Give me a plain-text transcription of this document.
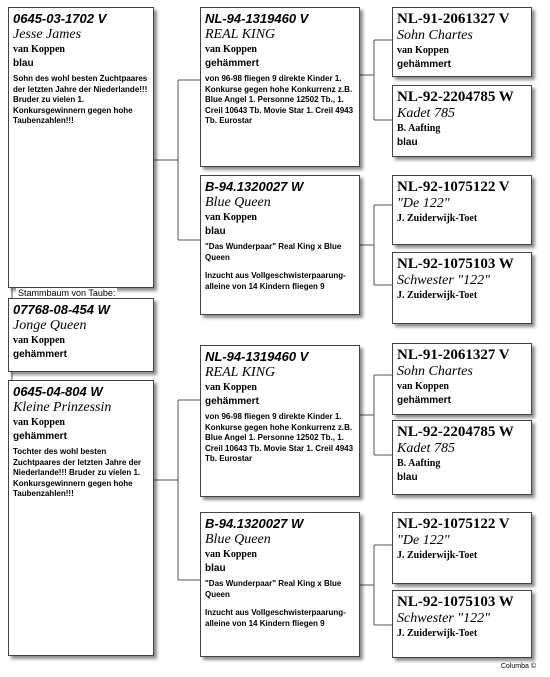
0645-03-1702 V
Jesse James
van Koppen
blau
Sohn des wohl besten Zuchtpaares der letzten Jahre der Niederlande!!! Bruder zu vielen 1. Konkursgewinnern gegen hohe Taubenzahlen!!!
Stammbaum von Taube:
07768-08-454 W
Jonge Queen
van Koppen
gehämmert
0645-04-804 W
Kleine Prinzessin
van Koppen
gehämmert
Tochter des wohl besten Zuchtpaares der letzten Jahre der Niederlande!!! Bruder zu vielen 1. Konkursgewinnern gegen hohe Taubenzahlen!!!
NL-94-1319460 V
REAL KING
van Koppen
gehämmert
von 96-98 fliegen 9 direkte Kinder 1. Konkurse gegen hohe Konkurrenz z.B. Blue Angel 1. Personne 12502 Tb., 1. Creil 10643 Tb. Movie Star 1. Creil 4943 Tb. Eurostar
B-94.1320027 W
Blue Queen
van Koppen
blau
"Das Wunderpaar" Real King x Blue Queen
Inzucht aus Vollgeschwisterpaarung-alleine von 14 Kindern fliegen 9
NL-94-1319460 V
REAL KING
van Koppen
gehämmert
von 96-98 fliegen 9 direkte Kinder 1. Konkurse gegen hohe Konkurrenz z.B. Blue Angel 1. Personne 12502 Tb., 1. Creil 10643 Tb. Movie Star 1. Creil 4943 Tb. Eurostar
B-94.1320027 W
Blue Queen
van Koppen
blau
"Das Wunderpaar" Real King x Blue Queen
Inzucht aus Vollgeschwisterpaarung-alleine von 14 Kindern fliegen 9
NL-91-2061327 V
Sohn Chartes
van Koppen
gehämmert
NL-92-2204785 W
Kadet 785
B. Aafting
blau
NL-92-1075122 V
"De 122"
J. Zuiderwijk-Toet
NL-92-1075103 W
Schwester "122"
J. Zuiderwijk-Toet
NL-91-2061327 V
Sohn Chartes
van Koppen
gehämmert
NL-92-2204785 W
Kadet 785
B. Aafting
blau
NL-92-1075122 V
"De 122"
J. Zuiderwijk-Toet
NL-92-1075103 W
Schwester "122"
J. Zuiderwijk-Toet
Columba ©
